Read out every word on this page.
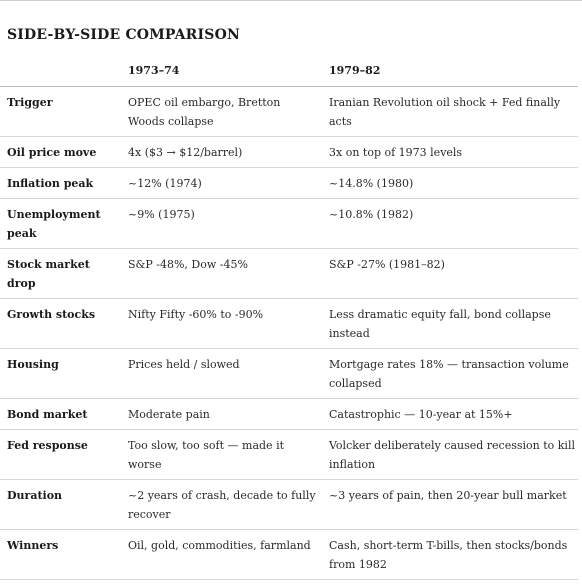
SIDE-BY-SIDE COMPARISON
	1973–74	1979–82
Trigger	OPEC oil embargo, Bretton Woods collapse	Iranian Revolution oil shock + Fed finally acts
Oil price move	4x ($3 → $12/barrel)	3x on top of 1973 levels
Inflation peak	~12% (1974)	~14.8% (1980)
Unemployment peak	~9% (1975)	~10.8% (1982)
Stock market drop	S&P -48%, Dow -45%	S&P -27% (1981–82)
Growth stocks	Nifty Fifty -60% to -90%	Less dramatic equity fall, bond collapse instead
Housing	Prices held / slowed	Mortgage rates 18% — transaction volume collapsed
Bond market	Moderate pain	Catastrophic — 10-year at 15%+
Fed response	Too slow, too soft — made it worse	Volcker deliberately caused recession to kill inflation
Duration	~2 years of crash, decade to fully recover	~3 years of pain, then 20-year bull market
Winners	Oil, gold, commodities, farmland	Cash, short-term T-bills, then stocks/bonds from 1982
